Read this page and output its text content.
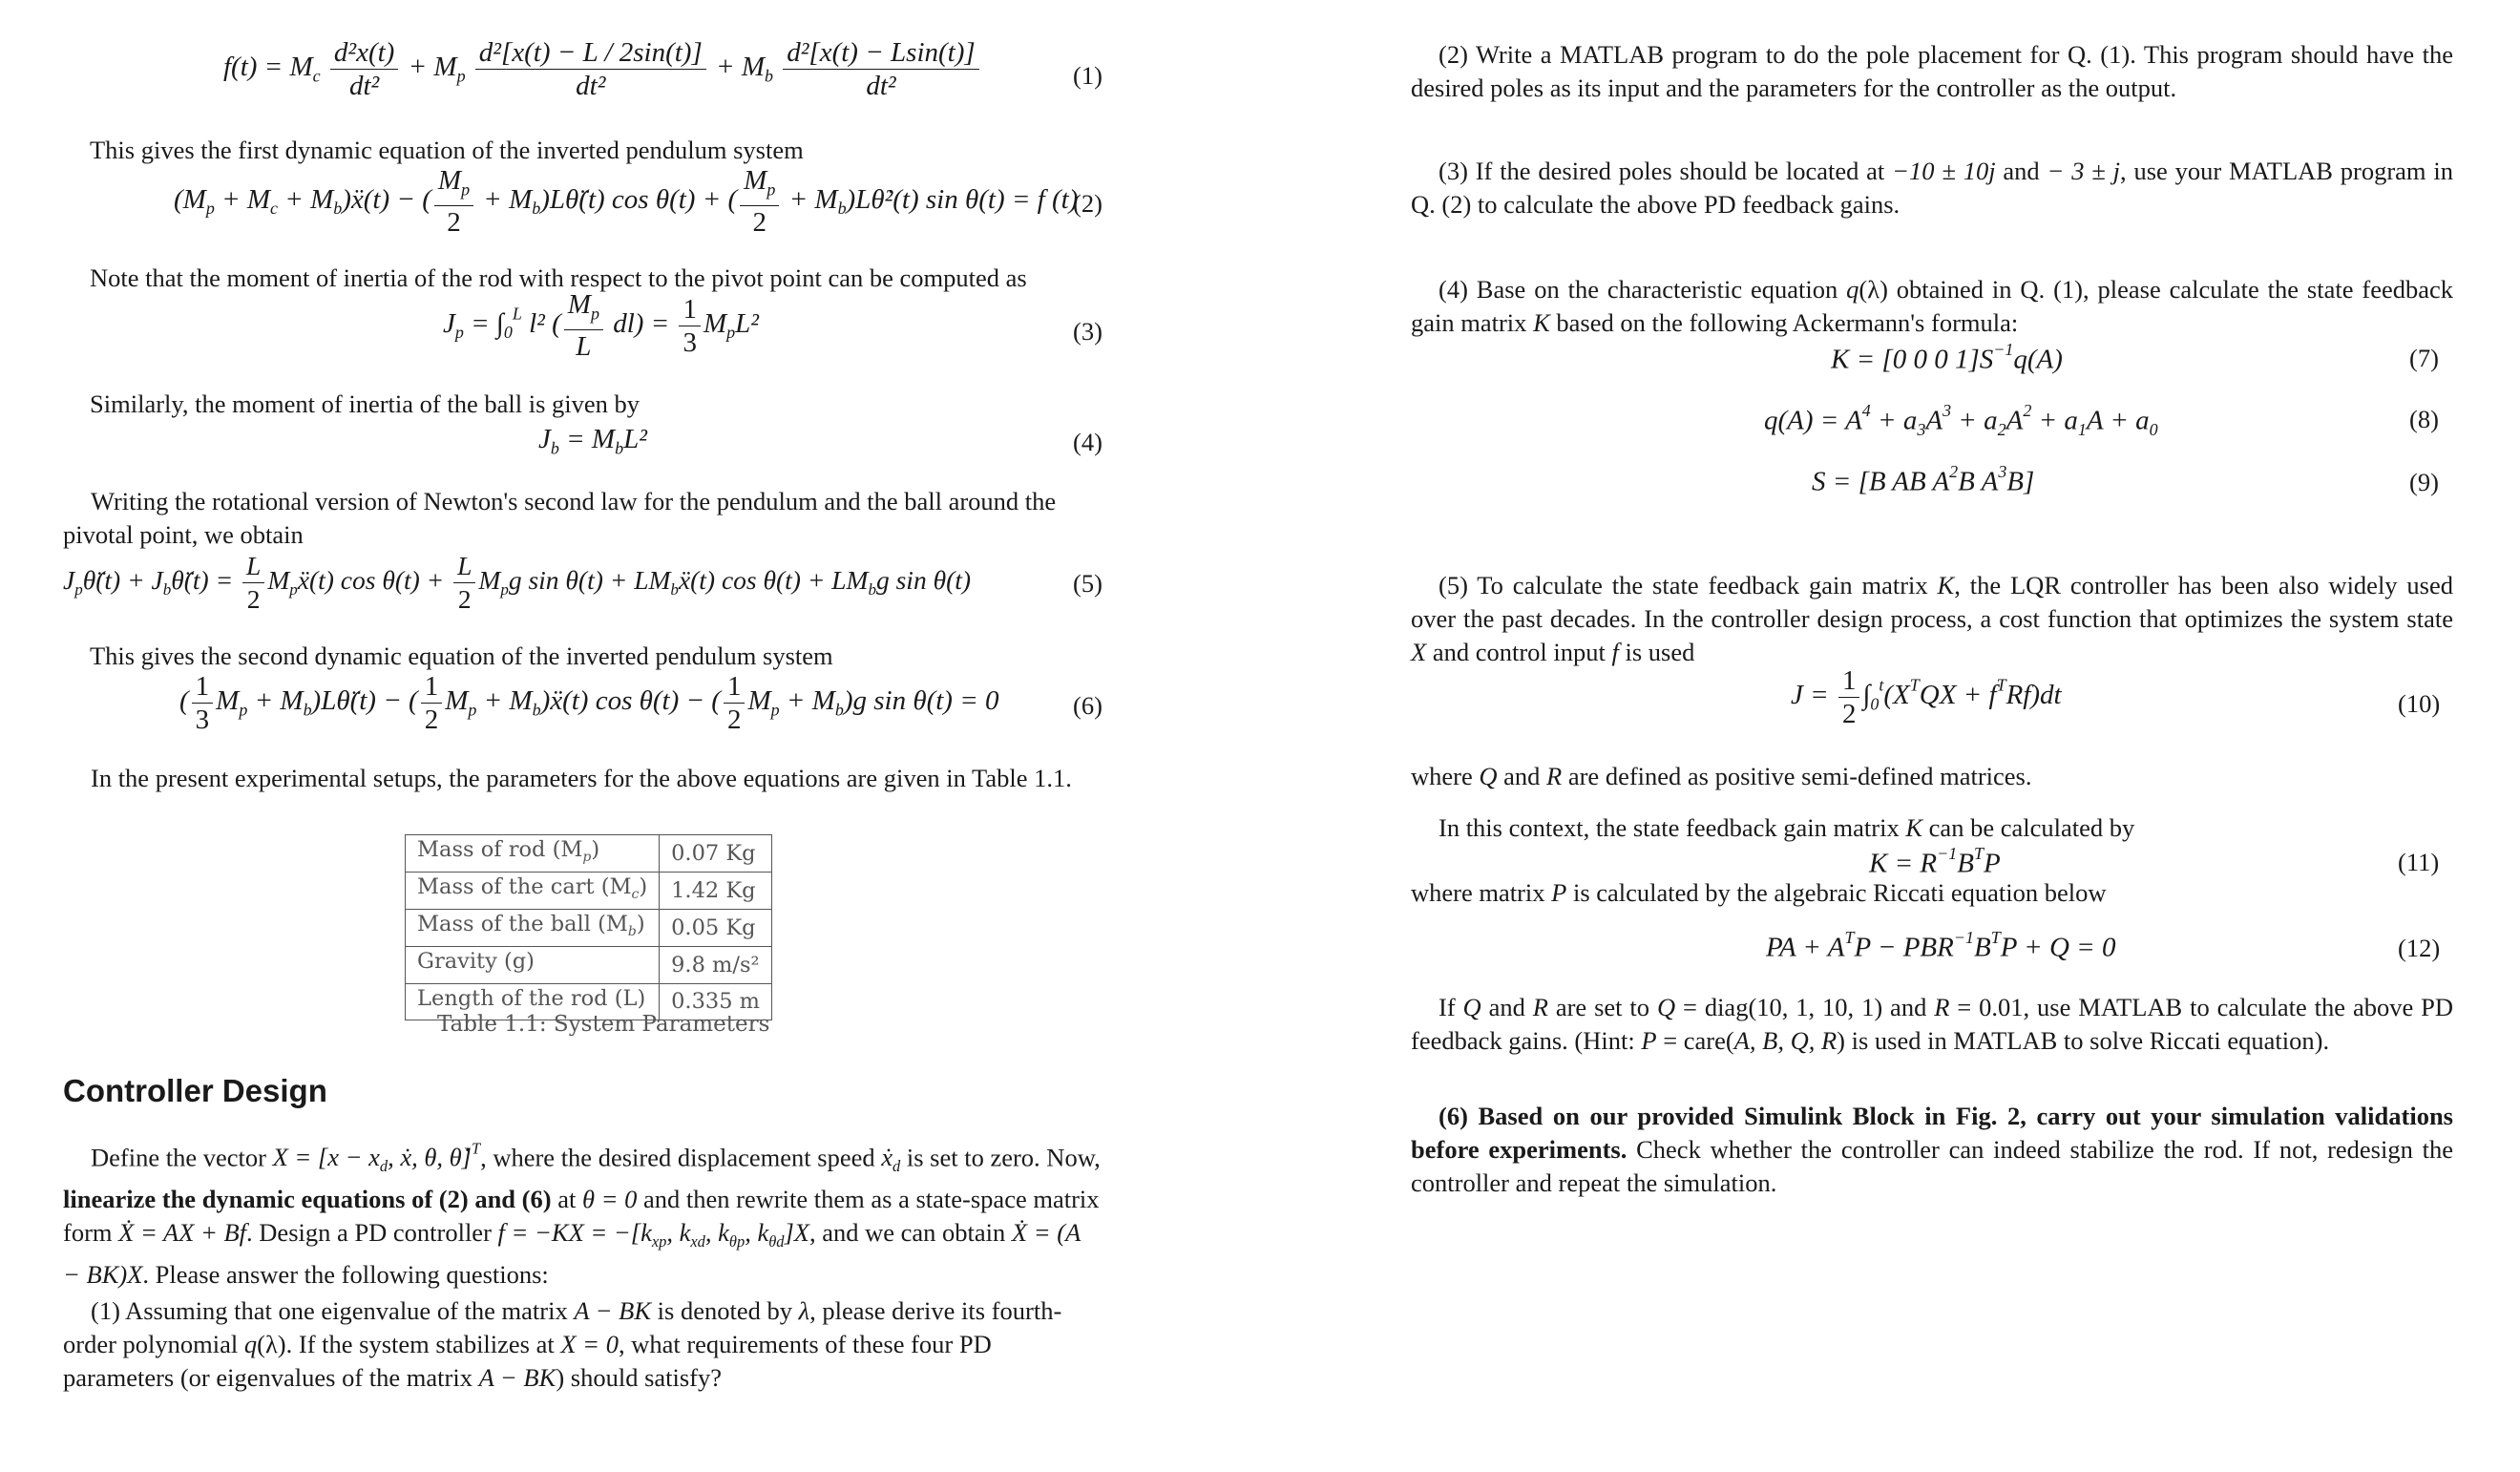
$f(t) = M_c \frac{\text{d²x(t)}}{\text{dt²}} + M_p \frac{\text{d²[x(t) − L / 2sin(t)]}}{\text{dt²}} + M_b \frac{\text{d²[x(t) − Lsin(t)]}}{\text{dt²}}$	(1)
This gives the first dynamic equation of the inverted pendulum system
($M_p + M_c$ + $M_b)ẍ(t)$ − ( $\frac{M_p}{2}$ + $M_b)L\thetä(t)$ cos θ(t) + ( $\frac{M_p}{2}$ + $M_b)L\thetȧ^2(t)$ sin θ(t) = f (t)
(2)
Note that the moment of inertia of the rod with respect to the pivot point can be computed as
$J_p = \int_0^L$ l² ( $\frac{M_p}{L} dl) = \frac{1}{3} M_pL^2$	(3)
Similarly, the moment of inertia of the ball is given by
$J_b = M_bL^2$	(4)
Writing the rotational version of Newton's second law for the pendulum and the ball around the pivotal point, we obtain
$J_p\thetä(t)$ + $J_b\thetä(t) = \frac{L}{2}$ $M_pẍ(t)$ $\cos \theta(t) + \frac{L}{2} M_pg$ $\sin \theta(t) + LM_bẍ(t)$ $\cos \theta(t) + LM_bg$ sin θ(t)	(5)
This gives the second dynamic equation of the inverted pendulum system
( $\frac{1}{3} M_p$ + $M_b)L\thetä(t)$ − ( $\frac{1}{2} M_p$ + $M_b)ẍ(t)$ cos θ(t) − ( $\frac{1}{2} M_p + M_b)g$ sin θ(t) = 0	(6)
In the present experimental setups, the parameters for the above equations are given in Table 1.1.
Mass of rod $(M_p)$	0.07 Kg
Mass of the cart $(M_c)$	1.42 Kg
Mass of the ball $(M_b)$	0.05 Kg
Gravity (g)	9.8 m/s²
Length of the rod (L)	0.335 m
Table 1.1: System Parameters
Controller Design
Define the vector $X = [x - x_d$, ẋ, θ, θ̇]$^T$, where the desired displacement speed ẋ$_d$ is set to zero. Now, linearize the dynamic equations of (2) and (6) at θ = 0 and then rewrite them as a state-space matrix form Ẋ = AX + Bf. Design a PD controller $f = -KX = -[k_{xp}$, $k_{xd}$, $k_{\theta p}$, $k_{\theta d}]X$, and we can obtain Ẋ = (A − BK)X. Please answer the following questions:
(1) Assuming that one eigenvalue of the matrix A − BK is denoted by λ, please derive its fourth-order polynomial q(λ). If the system stabilizes at X = 0, what requirements of these four PD parameters (or eigenvalues of the matrix A − BK) should satisfy?
(2) Write a MATLAB program to do the pole placement for Q. (1). This program should have the desired poles as its input and the parameters for the controller as the output.
(3) If the desired poles should be located at −10 ± 10j and − 3 ± j, use your MATLAB program in Q. (2) to calculate the above PD feedback gains.
(4) Base on the characteristic equation q(λ) obtained in Q. (1), please calculate the state feedback gain matrix K based on the following Ackermann's formula:
K = [0 0 0 $1]S^{-1}q(A)$	(7)
$q(A) = A^4 + a_3A^3 + a_2A^2 + a_1A + a_0$	(8)
S = [B AB $A^2B$ $A^3B$]	(9)
(5) To calculate the state feedback gain matrix K, the LQR controller has been also widely used over the past decades. In the controller design process, a cost function that optimizes the system state X and control input f is used
$J = \frac{1}{2} \int_0^t(X^TQX + f^TRf)dt$	(10)
where Q and R are defined as positive semi-defined matrices.
In this context, the state feedback gain matrix K can be calculated by
$K = R^{-1}B^TP$	(11)
where matrix P is calculated by the algebraic Riccati equation below
PA + $A^TP - PBR^{-1}B^TP + Q = 0$	(12)
If Q and R are set to Q = diag(10, 1, 10, 1) and R = 0.01, use MATLAB to calculate the above PD feedback gains. (Hint: P = care(A, B, Q, R) is used in MATLAB to solve Riccati equation).
(6) Based on our provided Simulink Block in Fig. 2, carry out your simulation validations before experiments. Check whether the controller can indeed stabilize the rod. If not, redesign the controller and repeat the simulation.
